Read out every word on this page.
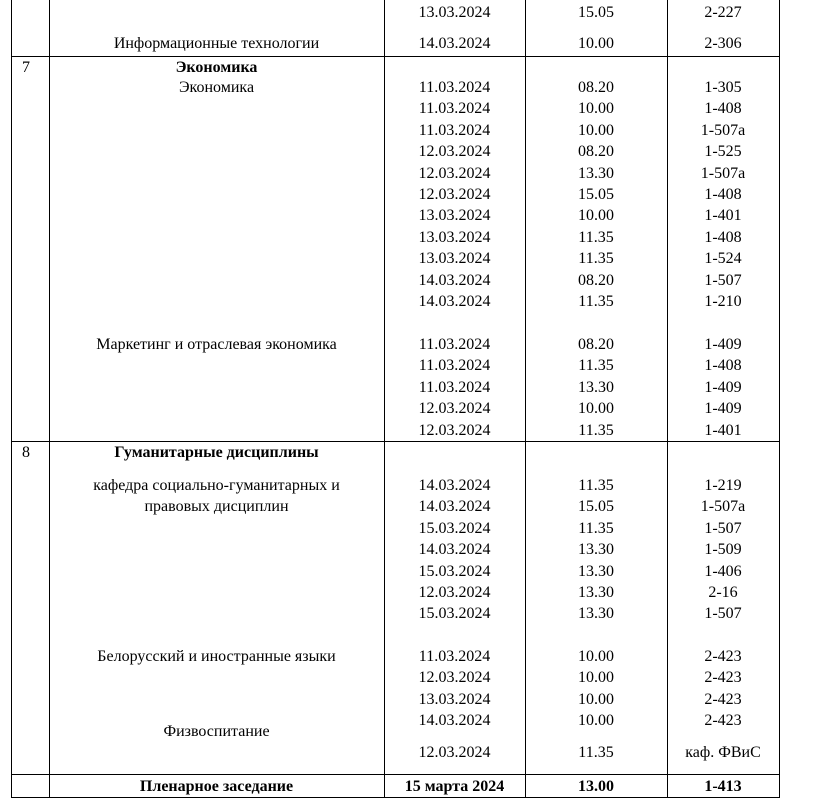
13.03.2024	15.05	2-227
Информационные технологии	14.03.2024	10.00	2-306
7	Экономика
Экономика	11.03.2024	08.20	1-305
11.03.2024	10.00	1-408
11.03.2024	10.00	1-507а
12.03.2024	08.20	1-525
12.03.2024	13.30	1-507а
12.03.2024	15.05	1-408
13.03.2024	10.00	1-401
13.03.2024	11.35	1-408
13.03.2024	11.35	1-524
14.03.2024	08.20	1-507
14.03.2024	11.35	1-210
Маркетинг и отраслевая экономика	11.03.2024	08.20	1-409
11.03.2024	11.35	1-408
11.03.2024	13.30	1-409
12.03.2024	10.00	1-409
12.03.2024	11.35	1-401
8	Гуманитарные дисциплины
кафедра социально-гуманитарных и
правовых дисциплин
14.03.2024	11.35	1-219
14.03.2024	15.05	1-507а
15.03.2024	11.35	1-507
14.03.2024	13.30	1-509
15.03.2024	13.30	1-406
12.03.2024	13.30	2-16
15.03.2024	13.30	1-507
Белорусский и иностранные языки	11.03.2024	10.00	2-423
12.03.2024	10.00	2-423
13.03.2024	10.00	2-423
14.03.2024	10.00	2-423
Физвоспитание
12.03.2024	11.35	каф. ФВиС
Пленарное заседание	15 марта 2024	13.00	1-413
